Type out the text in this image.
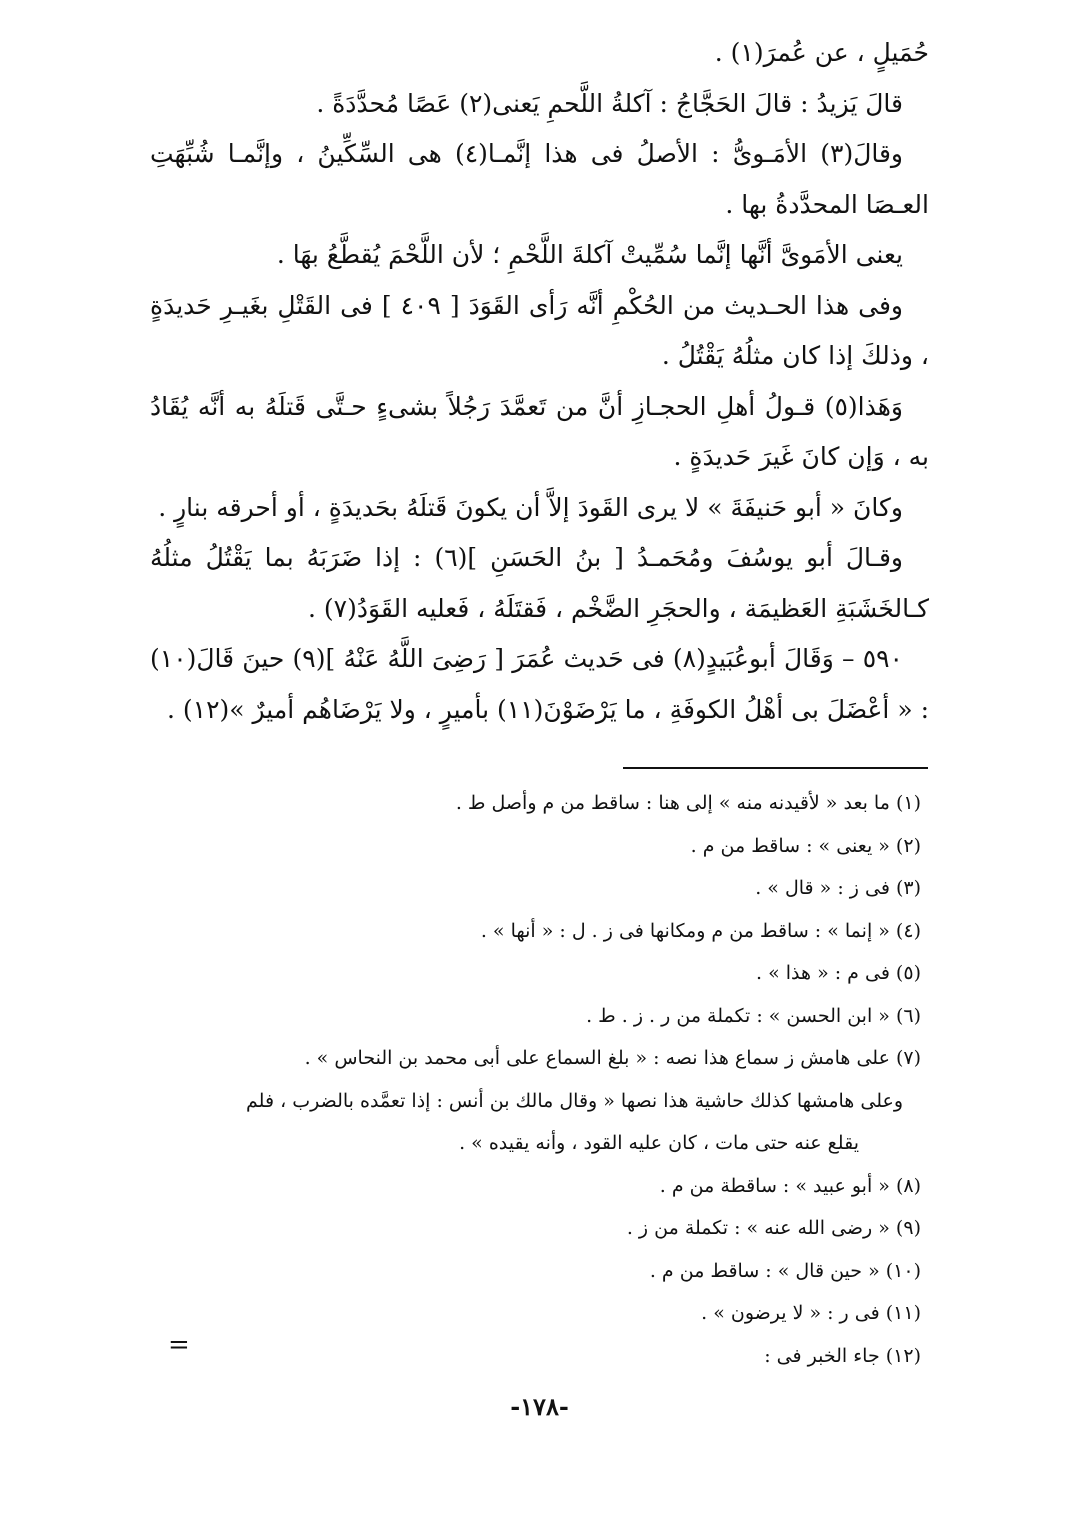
حُمَيلٍ ، عن عُمرَ(١) .

قالَ يَزيدُ : قالَ الحَجَّاجُ : آكلةُ اللَّحمِ يَعنى(٢) عَصًا مُحدَّدَةً .

وقالَ(٣) الأمَـوىُّ : الأصلُ فى هذا إنَّمـا(٤) هى السِّكِّينُ ، وإنَّمـا شُبِّهَتِ العـصَا المحدَّدةُ بها .

يعنى الأمَوىَّ أنَّها إنَّما سُمِّيتْ آكلةَ اللَّحْمِ ؛ لأن اللَّحْمَ يُقطَّعُ بهَا .

وفى هذا الحـديث من الحُكْمِ أنَّه رَأى القَوَدَ [ ٤٠٩ ] فى القَتْلِ بغَيـرِ حَديدَةٍ ، وذلكَ إذا كان مثلُهُ يَقْتُلُ .

وَهَذا(٥) قـولُ أهلِ الحجـازِ أنَّ من تَعمَّدَ رَجُلاً بشىءٍ حـتَّى قَتلَهُ به أنَّه يُقَادُ به ، وَإن كانَ غَيرَ حَديدَةٍ .

وكانَ « أبو حَنيفَةَ » لا يرى القَودَ إلاَّ أن يكونَ قَتلَهُ بحَديدَةٍ ، أو أحرقه بنارٍ .

وقـالَ أبو يوسُفَ ومُحَمـدُ [ بنُ الحَسَنِ ](٦) : إذا ضَرَبَهُ بما يَقْتُلُ مثلُهُ كـالخَشَبَةِ العَظيمَة ، والحجَرِ الضَّخْم ، فَقتَلَهُ ، فَعليه القَوَدُ(٧) .

٥٩٠ – وَقَالَ أبوعُبَيدٍ(٨) فى حَديث عُمَرَ [ رَضِىَ اللَّهُ عَنْهُ ](٩) حينَ قَالَ(١٠) : « أعْضَلَ بى أهْلُ الكوفَةِ ، ما يَرْضَوْنَ(١١) بأميرٍ ، ولا يَرْضَاهُم أميرٌ »(١٢) .

(١) ما بعد « لأقيدنه منه » إلى هنا : ساقط من م وأصل ط .

(٢) « يعنى » : ساقط من م .

(٣) فى ز : « قال » .

(٤) « إنما » : ساقط من م ومكانها فى ز . ل : « أنها » .

(٥) فى م : « هذا » .

(٦) « ابن الحسن » : تكملة من ر . ز . ط .

(٧) على هامش ز سماع هذا نصه : « بلغ السماع على أبى محمد بن النحاس » .

وعلى هامشها كذلك حاشية هذا نصها « وقال مالك بن أنس : إذا تعمَّده بالضرب ، فلم

يقلع عنه حتى مات ، كان عليه القود ، وأنه يقيده » .

(٨) « أبو عبيد » : ساقطة من م .

(٩) « رضى الله عنه » : تكملة من ز .

(١٠) « حين قال » : ساقط من م .

(١١) فى ر : « لا يرضون » .

(١٢) جاء الخبر فى :

=
-١٧٨-
